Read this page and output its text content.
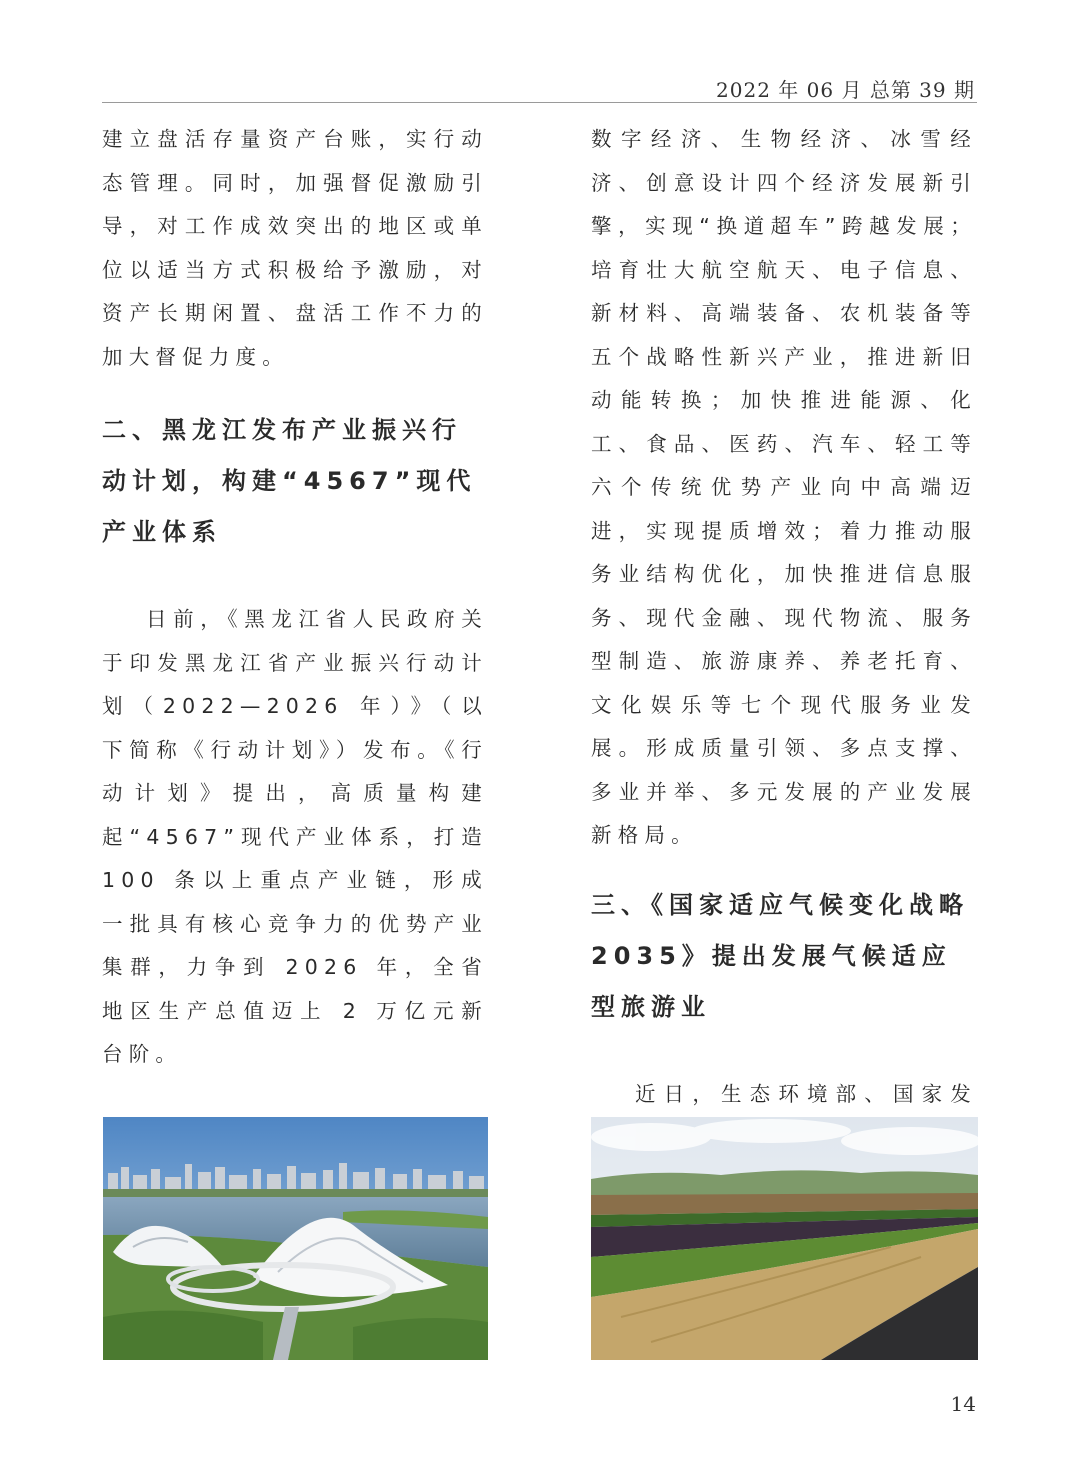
2022 年 06 月 总第 39 期

建立盘活存量资产台账，实行动态管理。同时，加强督促激励引导，对工作成效突出的地区或单位以适当方式积极给予激励，对资产长期闲置、盘活工作不力的加大督促力度。

二、黑龙江发布产业振兴行动计划，构建“4567”现代产业体系

日前，《黑龙江省人民政府关于印发黑龙江省产业振兴行动计划（2022—2026 年）》（以下简称《行动计划》）发布。《行动计划》提出，高质量构建起“4567”现代产业体系，打造 100 条以上重点产业链，形成一批具有核心竞争力的优势产业集群，力争到 2026 年，全省地区生产总值迈上 2 万亿元新台阶。

数字经济、生物经济、冰雪经济、创意设计四个经济发展新引擎，实现“换道超车”跨越发展；培育壮大航空航天、电子信息、新材料、高端装备、农机装备等五个战略性新兴产业，推进新旧动能转换；加快推进能源、化工、食品、医药、汽车、轻工等六个传统优势产业向中高端迈进，实现提质增效；着力推动服务业结构优化，加快推进信息服务、现代金融、现代物流、服务型制造、旅游康养、养老托育、文化娱乐等七个现代服务业发展。形成质量引领、多点支撑、多业并举、多元发展的产业发展新格局。

三、《国家适应气候变化战略2035》提出发展气候适应型旅游业

近日，生态环境部、国家发

14
